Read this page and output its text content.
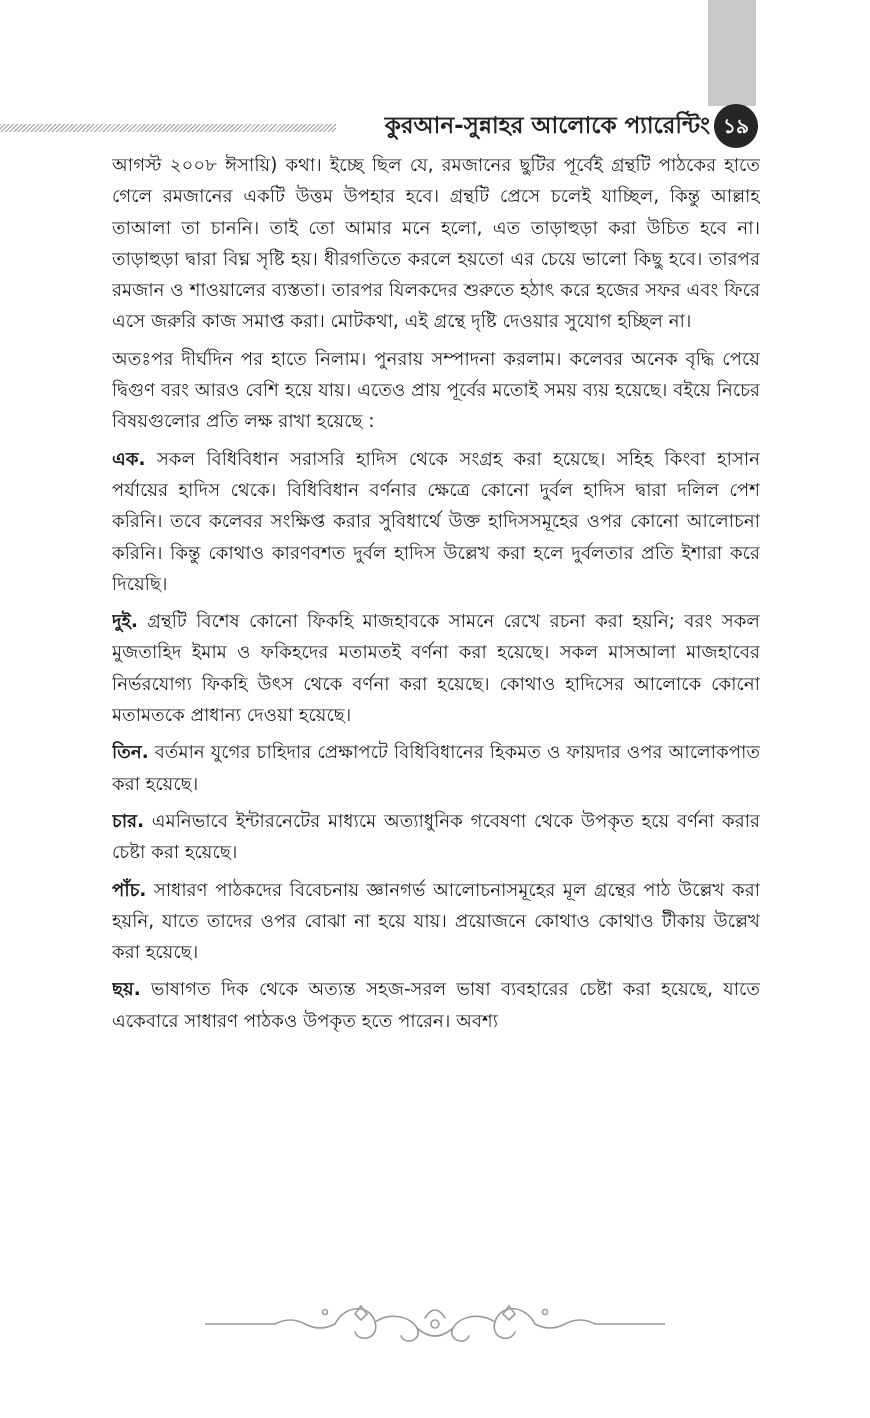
কুরআন-সুন্নাহর আলোকে প্যারেন্টিং ১৯

আগস্ট ২০০৮ ঈসায়ি) কথা। ইচ্ছে ছিল যে, রমজানের ছুটির পূর্বেই গ্রন্থটি পাঠকের হাতে গেলে রমজানের একটি উত্তম উপহার হবে। গ্রন্থটি প্রেসে চলেই যাচ্ছিল, কিন্তু আল্লাহ তাআলা তা চাননি। তাই তো আমার মনে হলো, এত তাড়াহুড়া করা উচিত হবে না। তাড়াহুড়া দ্বারা বিঘ্ন সৃষ্টি হয়। ধীরগতিতে করলে হয়তো এর চেয়ে ভালো কিছু হবে। তারপর রমজান ও শাওয়ালের ব্যস্ততা। তারপর যিলকদের শুরুতে হঠাৎ করে হজের সফর এবং ফিরে এসে জরুরি কাজ সমাপ্ত করা। মোটকথা, এই গ্রন্থে দৃষ্টি দেওয়ার সুযোগ হচ্ছিল না।

অতঃপর দীর্ঘদিন পর হাতে নিলাম। পুনরায় সম্পাদনা করলাম। কলেবর অনেক বৃদ্ধি পেয়ে দ্বিগুণ বরং আরও বেশি হয়ে যায়। এতেও প্রায় পূর্বের মতোই সময় ব্যয় হয়েছে। বইয়ে নিচের বিষয়গুলোর প্রতি লক্ষ রাখা হয়েছে :

এক. সকল বিধিবিধান সরাসরি হাদিস থেকে সংগ্রহ করা হয়েছে। সহিহ কিংবা হাসান পর্যায়ের হাদিস থেকে। বিধিবিধান বর্ণনার ক্ষেত্রে কোনো দুর্বল হাদিস দ্বারা দলিল পেশ করিনি। তবে কলেবর সংক্ষিপ্ত করার সুবিধার্থে উক্ত হাদিসসমূহের ওপর কোনো আলোচনা করিনি। কিন্তু কোথাও কারণবশত দুর্বল হাদিস উল্লেখ করা হলে দুর্বলতার প্রতি ইশারা করে দিয়েছি।

দুই. গ্রন্থটি বিশেষ কোনো ফিকহি মাজহাবকে সামনে রেখে রচনা করা হয়নি; বরং সকল মুজতাহিদ ইমাম ও ফকিহদের মতামতই বর্ণনা করা হয়েছে। সকল মাসআলা মাজহাবের নির্ভরযোগ্য ফিকহি উৎস থেকে বর্ণনা করা হয়েছে। কোথাও হাদিসের আলোকে কোনো মতামতকে প্রাধান্য দেওয়া হয়েছে।

তিন. বর্তমান যুগের চাহিদার প্রেক্ষাপটে বিধিবিধানের হিকমত ও ফায়দার ওপর আলোকপাত করা হয়েছে।

চার. এমনিভাবে ইন্টারনেটের মাধ্যমে অত্যাধুনিক গবেষণা থেকে উপকৃত হয়ে বর্ণনা করার চেষ্টা করা হয়েছে।

পাঁচ. সাধারণ পাঠকদের বিবেচনায় জ্ঞানগর্ভ আলোচনাসমূহের মূল গ্রন্থের পাঠ উল্লেখ করা হয়নি, যাতে তাদের ওপর বোঝা না হয়ে যায়। প্রয়োজনে কোথাও কোথাও টীকায় উল্লেখ করা হয়েছে।

ছয়. ভাষাগত দিক থেকে অত্যন্ত সহজ-সরল ভাষা ব্যবহারের চেষ্টা করা হয়েছে, যাতে একেবারে সাধারণ পাঠকও উপকৃত হতে পারেন। অবশ্য
